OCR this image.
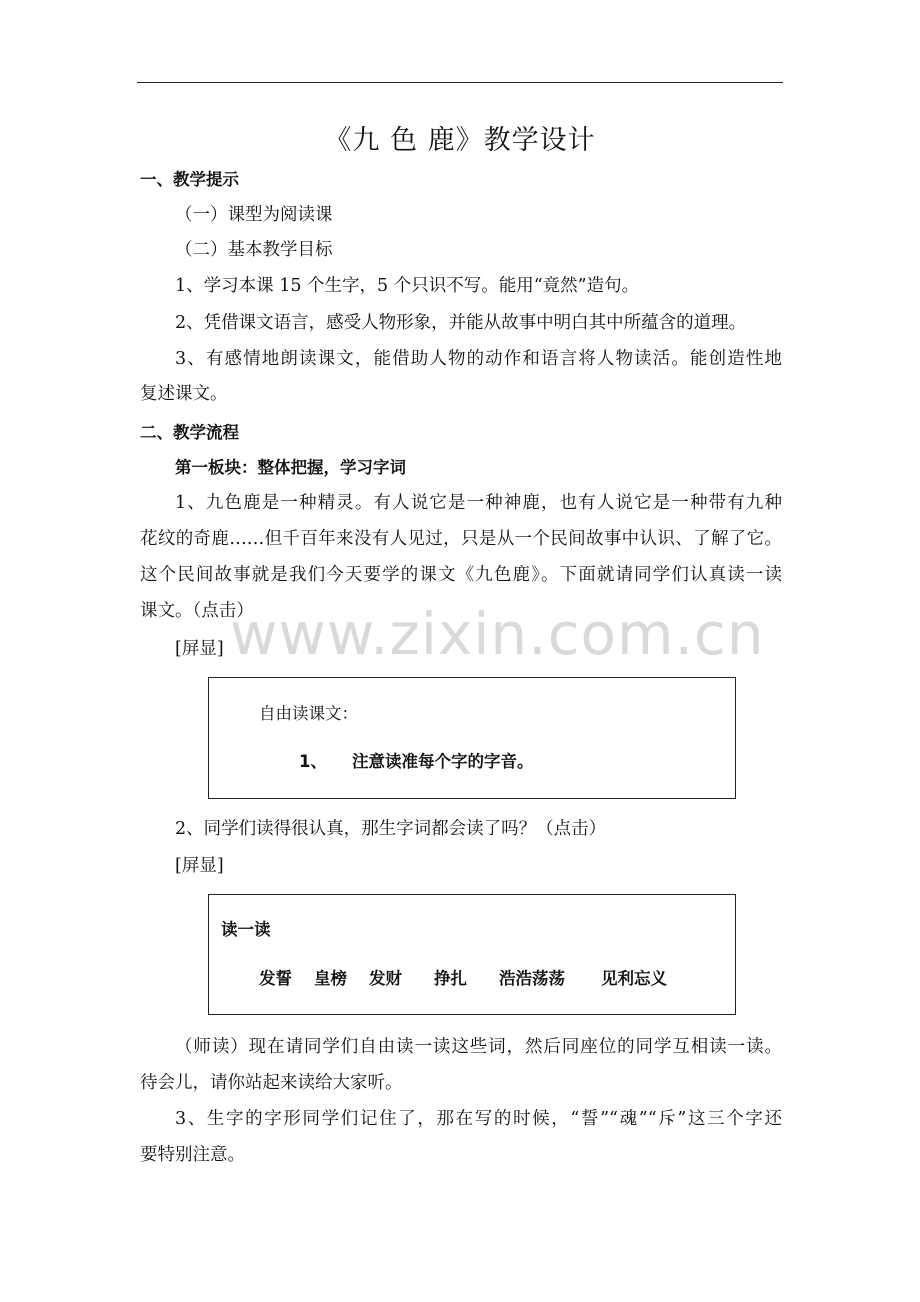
《九 色 鹿》教学设计
一、教学提示
（一）课型为阅读课
（二）基本教学目标
1、学习本课 15 个生字，5 个只识不写。能用“竟然”造句。
2、凭借课文语言，感受人物形象，并能从故事中明白其中所蕴含的道理。
3、有感情地朗读课文，能借助人物的动作和语言将人物读活。能创造性地
复述课文。
二、教学流程
第一板块：整体把握，学习字词
1、九色鹿是一种精灵。有人说它是一种神鹿，也有人说它是一种带有九种
花纹的奇鹿……但千百年来没有人见过，只是从一个民间故事中认识、了解了它。
这个民间故事就是我们今天要学的课文《九色鹿》。下面就请同学们认真读一读
课文。（点击）
www.zixin.com.cn
[屏显]
自由读课文：
1、 注意读准每个字的字音。
2、同学们读得很认真，那生字词都会读了吗？（点击）
[屏显]
读一读
发誓 皇榜 发财 挣扎 浩浩荡荡 见利忘义
（师读）现在请同学们自由读一读这些词，然后同座位的同学互相读一读。
待会儿，请你站起来读给大家听。
3、生字的字形同学们记住了，那在写的时候，“誓”“魂”“斥”这三个字还
要特别注意。
